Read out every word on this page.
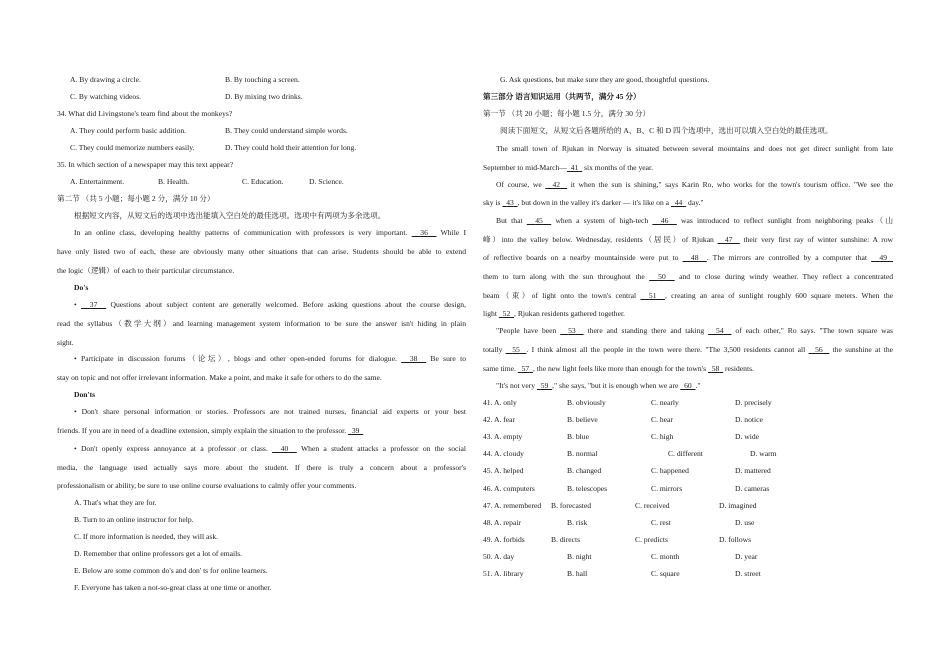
A. By drawing a circle.	B. By touching a screen.
C. By watching videos.	D. By mixing two drinks.
34. What did Livingstone's team find about the monkeys?
A. They could perform basic addition.	B. They could understand simple words.
C. They could memorize numbers easily.	D. They could hold their attention for long.
35. In which section of a newspaper may this text appear?
A. Entertainment.	B. Health.	C. Education.	D. Science.
第二节 （共 5 小题；每小题 2 分，满分 10 分）
根据短文内容，从短文后的选项中选出能填入空白处的最佳选项。选项中有两项为多余选项。
In an online class, developing healthy patterns of communication with professors is very important. 36 While I
have only listed two of each, these are obviously many other situations that can arise. Students should be able to extend
the logic（逻辑）of each to their particular circumstance.
Do's
• 37 Questions about subject content are generally welcomed. Before asking questions about the course design,
read the syllabus（教学大纲）and learning management system information to be sure the answer isn't hiding in plain
sight.
• Participate in discussion forums（论坛）, blogs and other open-ended forums for dialogue. 38 Be sure to
stay on topic and not offer irrelevant information. Make a point, and make it safe for others to do the same.
Don'ts
• Don't share personal information or stories. Professors are not trained nurses, financial aid experts or your best
friends. If you are in need of a deadline extension, simply explain the situation to the professor. 39
• Don't openly express annoyance at a professor or class. 40 When a student attacks a professor on the social
media, the language used actually says more about the student. If there is truly a concern about a professor's
professionalism or ability, be sure to use online course evaluations to calmly offer your comments.
A. That's what they are for.
B. Turn to an online instructor for help.
C. If more information is needed, they will ask.
D. Remember that online professors get a lot of emails.
E. Below are some common do's and don' ts for online learners.
F. Everyone has taken a not-so-great class at one time or another.
G. Ask questions, but make sure they are good, thoughtful questions.
第三部分 语言知识运用（共两节，满分 45 分）
第一节 （共 20 小题；每小题 1.5 分，满分 30 分）
阅读下面短文，从短文后各题所给的 A、B、C 和 D 四个选项中，选出可以填入空白处的最佳选项。
The small town of Rjukan in Norway is situated between several mountains and does not get direct sunlight from late
September to mid-March— 41 six months of the year.
Of course, we 42 it when the sun is shining," says Karin Ro, who works for the town's tourism office. "We see the
sky is 43 , but down in the valley it's darker — it's like on a 44 day."
But that 45 when a system of high-tech 46 was introduced to reflect sunlight from neighboring peaks（山
峰）into the valley below. Wednesday, residents（居民）of Rjukan 47 their very first ray of winter sunshine: A row
of reflective boards on a nearby mountainside were put to 48 . The mirrors are controlled by a computer that 49
them to turn along with the sun throughout the 50 and to close during windy weather. They reflect a concentrated
beam（束）of light onto the town's central 51 , creating an area of sunlight roughly 600 square meters. When the
light 52 , Rjukan residents gathered together.
"People have been 53 there and standing there and taking 54 of each other," Ro says. "The town square was
totally 55 . I think almost all the people in the town were there. "The 3,500 residents cannot all 56 the sunshine at the
same time. 57 , the new light feels like more than enough for the town's 58 residents.
"It's not very 59 ," she says, "but it is enough when we are 60 ."
41. A. only	B. obviously	C. nearly	D. precisely
42. A. fear	B. believe	C. hear	D. notice
43. A. empty	B. blue	C. high	D. wide
44. A. cloudy	B. normal	C. different	D. warm
45. A. helped	B. changed	C. happened	D. mattered
46. A. computers	B. telescopes	C. mirrors	D. cameras
47. A. remembered B. forecasted	C. received	D. imagined
48. A. repair	B. risk	C. rest	D. use
49. A. forbids	B. directs	C. predicts	D. follows
50. A. day	B. night	C. month	D. year
51. A. library	B. hall	C. square	D. street
